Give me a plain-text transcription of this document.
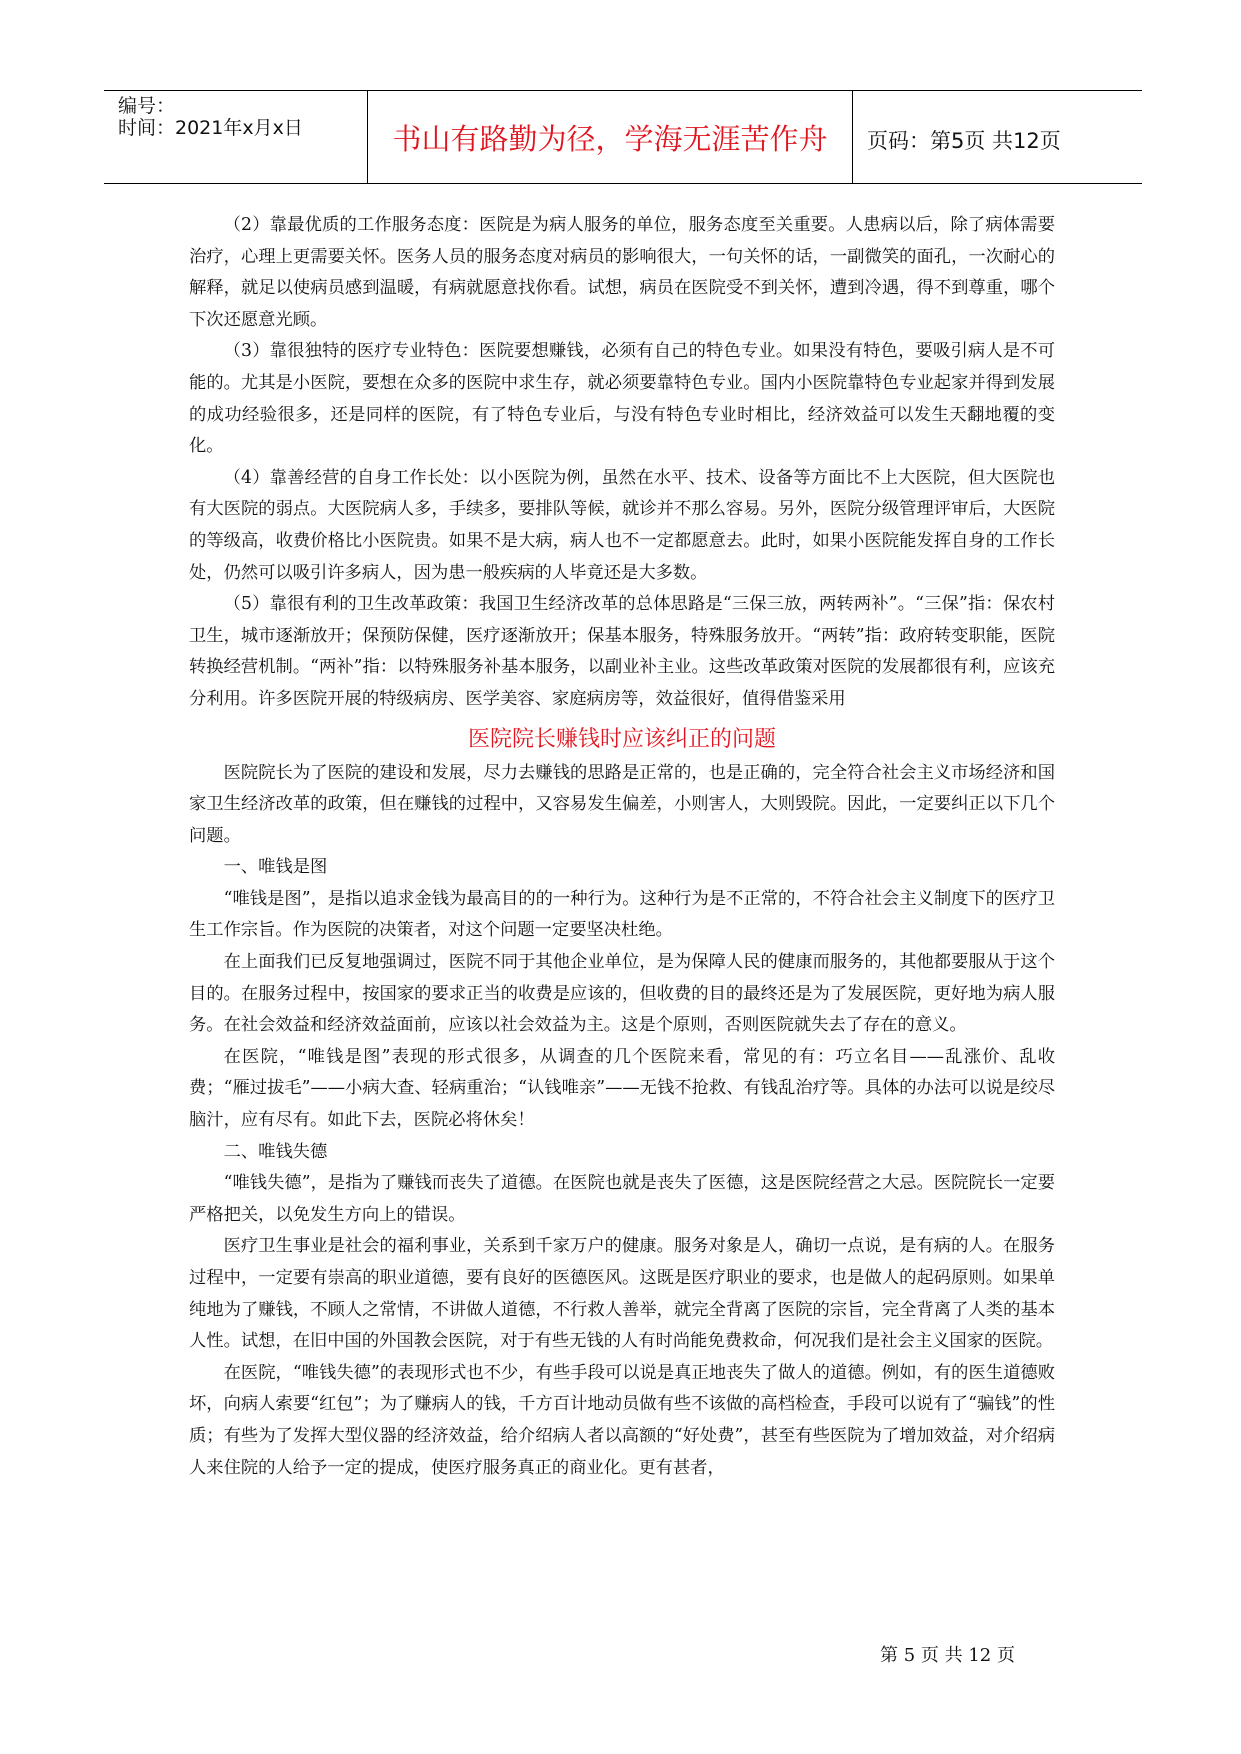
编号：
时间：2021年x月x日	书山有路勤为径，学海无涯苦作舟	页码：第5页 共12页

（2）靠最优质的工作服务态度：医院是为病人服务的单位，服务态度至关重要。人患病以后，除了病体需要治疗，心理上更需要关怀。医务人员的服务态度对病员的影响很大，一句关怀的话，一副微笑的面孔，一次耐心的解释，就足以使病员感到温暖，有病就愿意找你看。试想，病员在医院受不到关怀，遭到冷遇，得不到尊重，哪个下次还愿意光顾。

（3）靠很独特的医疗专业特色：医院要想赚钱，必须有自己的特色专业。如果没有特色，要吸引病人是不可能的。尤其是小医院，要想在众多的医院中求生存，就必须要靠特色专业。国内小医院靠特色专业起家并得到发展的成功经验很多，还是同样的医院，有了特色专业后，与没有特色专业时相比，经济效益可以发生天翻地覆的变化。

（4）靠善经营的自身工作长处：以小医院为例，虽然在水平、技术、设备等方面比不上大医院，但大医院也有大医院的弱点。大医院病人多，手续多，要排队等候，就诊并不那么容易。另外，医院分级管理评审后，大医院的等级高，收费价格比小医院贵。如果不是大病，病人也不一定都愿意去。此时，如果小医院能发挥自身的工作长处，仍然可以吸引许多病人，因为患一般疾病的人毕竟还是大多数。

（5）靠很有利的卫生改革政策：我国卫生经济改革的总体思路是“三保三放，两转两补”。“三保”指：保农村卫生，城市逐渐放开；保预防保健，医疗逐渐放开；保基本服务，特殊服务放开。“两转”指：政府转变职能，医院转换经营机制。“两补”指：以特殊服务补基本服务，以副业补主业。这些改革政策对医院的发展都很有利，应该充分利用。许多医院开展的特级病房、医学美容、家庭病房等，效益很好，值得借鉴采用

医院院长赚钱时应该纠正的问题

医院院长为了医院的建设和发展，尽力去赚钱的思路是正常的，也是正确的，完全符合社会主义市场经济和国家卫生经济改革的政策，但在赚钱的过程中，又容易发生偏差，小则害人，大则毁院。因此，一定要纠正以下几个问题。

一、唯钱是图

“唯钱是图”，是指以追求金钱为最高目的的一种行为。这种行为是不正常的，不符合社会主义制度下的医疗卫生工作宗旨。作为医院的决策者，对这个问题一定要坚决杜绝。

在上面我们已反复地强调过，医院不同于其他企业单位，是为保障人民的健康而服务的，其他都要服从于这个目的。在服务过程中，按国家的要求正当的收费是应该的，但收费的目的最终还是为了发展医院，更好地为病人服务。在社会效益和经济效益面前，应该以社会效益为主。这是个原则，否则医院就失去了存在的意义。

在医院，“唯钱是图”表现的形式很多，从调查的几个医院来看，常见的有：巧立名目——乱涨价、乱收费；“雁过拔毛”——小病大查、轻病重治；“认钱唯亲”——无钱不抢救、有钱乱治疗等。具体的办法可以说是绞尽脑汁，应有尽有。如此下去，医院必将休矣！

二、唯钱失德

“唯钱失德”，是指为了赚钱而丧失了道德。在医院也就是丧失了医德，这是医院经营之大忌。医院院长一定要严格把关，以免发生方向上的错误。

医疗卫生事业是社会的福利事业，关系到千家万户的健康。服务对象是人，确切一点说，是有病的人。在服务过程中，一定要有崇高的职业道德，要有良好的医德医风。这既是医疗职业的要求，也是做人的起码原则。如果单纯地为了赚钱，不顾人之常情，不讲做人道德，不行救人善举，就完全背离了医院的宗旨，完全背离了人类的基本人性。试想，在旧中国的外国教会医院，对于有些无钱的人有时尚能免费救命，何况我们是社会主义国家的医院。

在医院，“唯钱失德”的表现形式也不少，有些手段可以说是真正地丧失了做人的道德。例如，有的医生道德败坏，向病人索要“红包”；为了赚病人的钱，千方百计地动员做有些不该做的高档检查，手段可以说有了“骗钱”的性质；有些为了发挥大型仪器的经济效益，给介绍病人者以高额的“好处费”，甚至有些医院为了增加效益，对介绍病人来住院的人给予一定的提成，使医疗服务真正的商业化。更有甚者，

第 5 页 共 12 页
